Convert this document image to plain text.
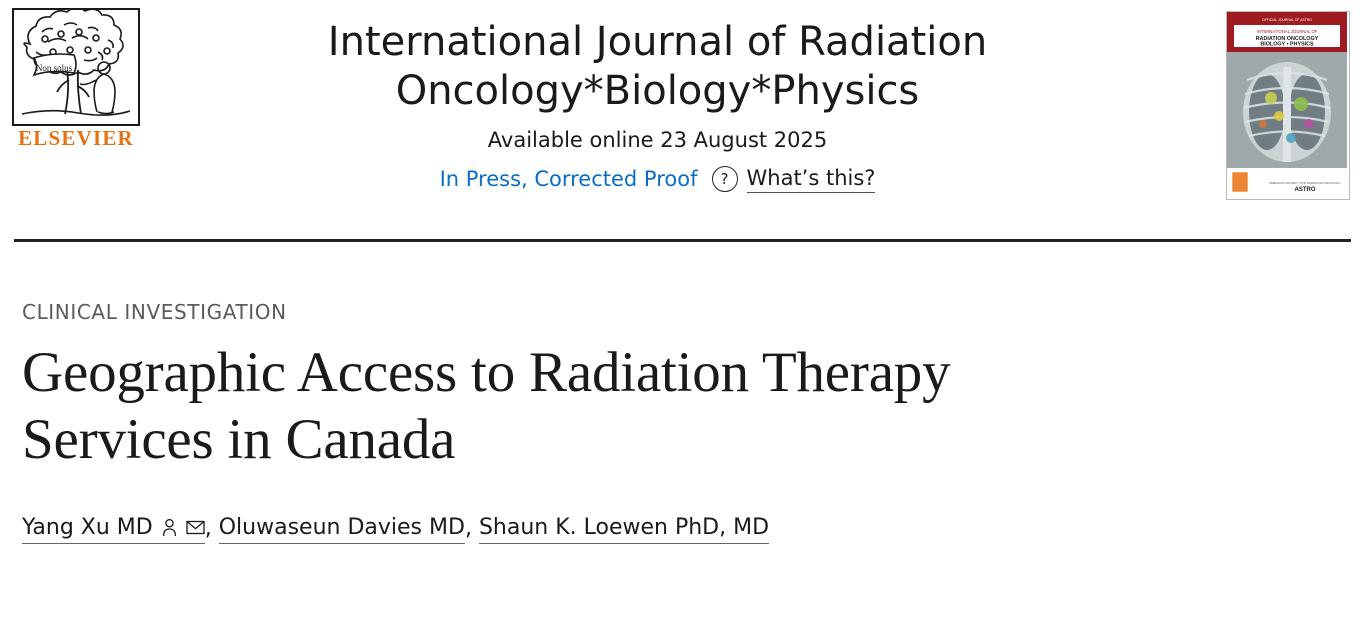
Non solus
ELSEVIER
International Journal of Radiation
Oncology*Biology*Physics
Available online 23 August 2025
In Press, Corrected Proof	? What’s this?
OFFICIAL JOURNAL OF ASTRO
INTERNATIONAL JOURNAL OF
RADIATION ONCOLOGY
BIOLOGY • PHYSICS
AMERICAN SOCIETY FOR RADIATION ONCOLOGY
ASTRO
CLINICAL INVESTIGATION
Geographic Access to Radiation Therapy
Services in Canada
Yang Xu MD , Oluwaseun Davies MD , Shaun K. Loewen PhD, MD
